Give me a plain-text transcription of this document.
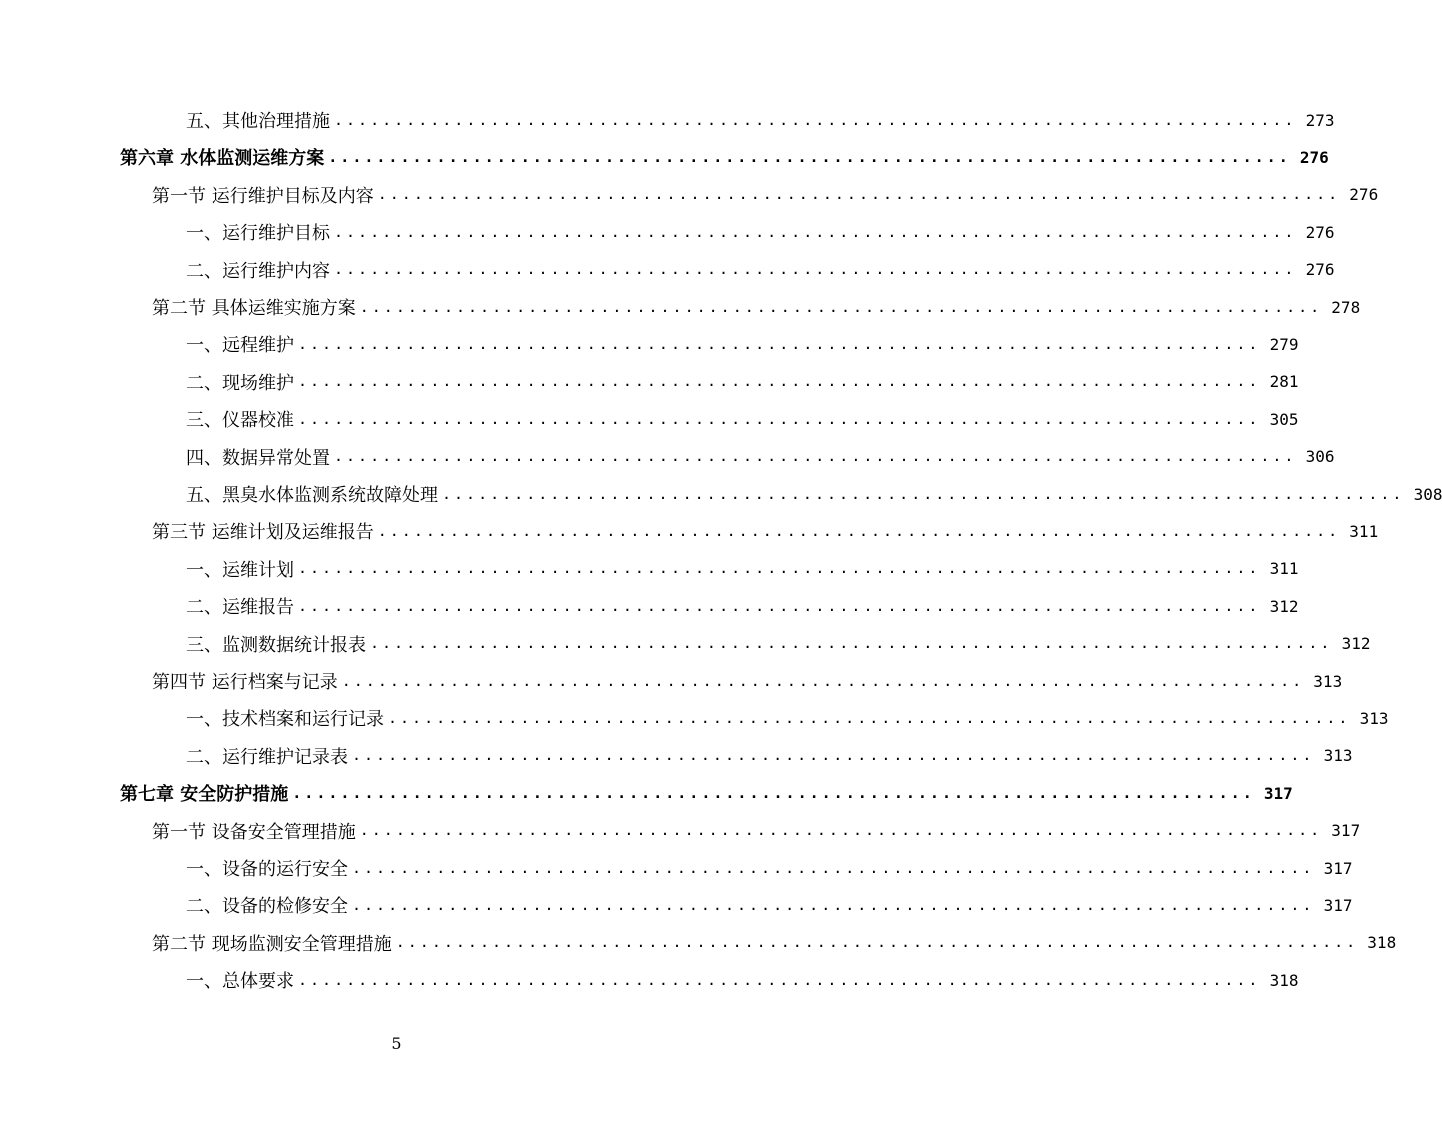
五、其他治理措施 ................................................................................ 273
第六章 水体监测运维方案 ................................................................................ 276
第一节 运行维护目标及内容 ................................................................................ 276
一、运行维护目标 ................................................................................ 276
二、运行维护内容 ................................................................................ 276
第二节 具体运维实施方案 ................................................................................ 278
一、远程维护 ................................................................................ 279
二、现场维护 ................................................................................ 281
三、仪器校准 ................................................................................ 305
四、数据异常处置 ................................................................................ 306
五、黑臭水体监测系统故障处理 ................................................................................ 308
第三节 运维计划及运维报告 ................................................................................ 311
一、运维计划 ................................................................................ 311
二、运维报告 ................................................................................ 312
三、监测数据统计报表 ................................................................................ 312
第四节 运行档案与记录 ................................................................................ 313
一、技术档案和运行记录 ................................................................................ 313
二、运行维护记录表 ................................................................................ 313
第七章 安全防护措施 ................................................................................ 317
第一节 设备安全管理措施 ................................................................................ 317
一、设备的运行安全 ................................................................................ 317
二、设备的检修安全 ................................................................................ 317
第二节 现场监测安全管理措施 ................................................................................ 318
一、总体要求 ................................................................................ 318
5
